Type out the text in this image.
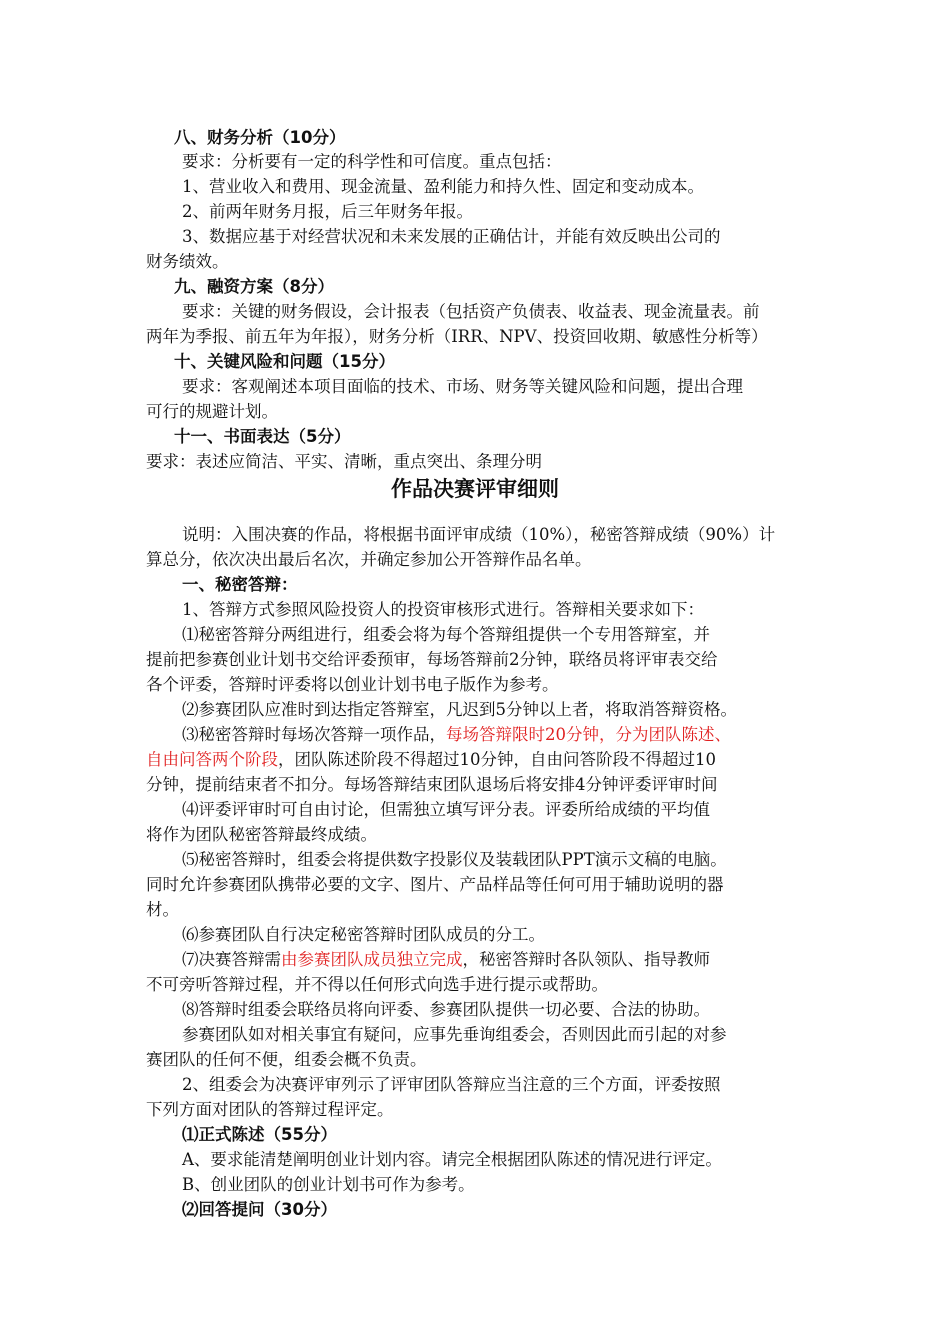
八、财务分析（10分）
要求：分析要有一定的科学性和可信度。重点包括：
1、营业收入和费用、现金流量、盈利能力和持久性、固定和变动成本。
2、前两年财务月报，后三年财务年报。
3、数据应基于对经营状况和未来发展的正确估计，并能有效反映出公司的
财务绩效。
九、融资方案（8分）
要求：关键的财务假设，会计报表（包括资产负债表、收益表、现金流量表。前
两年为季报、前五年为年报），财务分析（IRR、NPV、投资回收期、敏感性分析等）
十、关键风险和问题（15分）
要求：客观阐述本项目面临的技术、市场、财务等关键风险和问题，提出合理
可行的规避计划。
十一、书面表达（5分）
要求：表述应简洁、平实、清晰，重点突出、条理分明
作品决赛评审细则
说明：入围决赛的作品，将根据书面评审成绩（10%），秘密答辩成绩（90%）计
算总分，依次决出最后名次，并确定参加公开答辩作品名单。
一、秘密答辩：
1、答辩方式参照风险投资人的投资审核形式进行。答辩相关要求如下：
⑴秘密答辩分两组进行，组委会将为每个答辩组提供一个专用答辩室，并
提前把参赛创业计划书交给评委预审，每场答辩前2分钟，联络员将评审表交给
各个评委，答辩时评委将以创业计划书电子版作为参考。
⑵参赛团队应准时到达指定答辩室，凡迟到5分钟以上者，将取消答辩资格。
⑶秘密答辩时每场次答辩一项作品，每场答辩限时20分钟，分为团队陈述、
自由问答两个阶段，团队陈述阶段不得超过10分钟，自由问答阶段不得超过10
分钟，提前结束者不扣分。每场答辩结束团队退场后将安排4分钟评委评审时间
⑷评委评审时可自由讨论，但需独立填写评分表。评委所给成绩的平均值
将作为团队秘密答辩最终成绩。
⑸秘密答辩时，组委会将提供数字投影仪及装载团队PPT演示文稿的电脑。
同时允许参赛团队携带必要的文字、图片、产品样品等任何可用于辅助说明的器
材。
⑹参赛团队自行决定秘密答辩时团队成员的分工。
⑺决赛答辩需由参赛团队成员独立完成，秘密答辩时各队领队、指导教师
不可旁听答辩过程，并不得以任何形式向选手进行提示或帮助。
⑻答辩时组委会联络员将向评委、参赛团队提供一切必要、合法的协助。
参赛团队如对相关事宜有疑问，应事先垂询组委会，否则因此而引起的对参
赛团队的任何不便，组委会概不负责。
2、组委会为决赛评审列示了评审团队答辩应当注意的三个方面，评委按照
下列方面对团队的答辩过程评定。
⑴正式陈述（55分）
A、要求能清楚阐明创业计划内容。请完全根据团队陈述的情况进行评定。
B、创业团队的创业计划书可作为参考。
⑵回答提问（30分）
